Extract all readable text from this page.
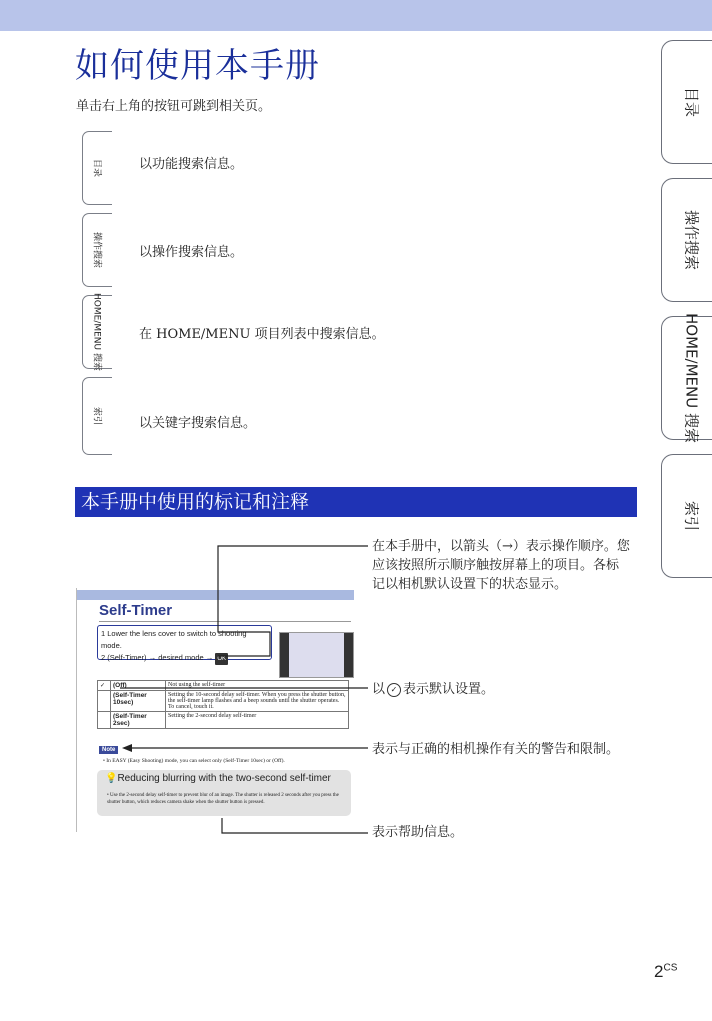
如何使用本手册
单击右上角的按钮可跳到相关页。	目录
操作搜索
HOME/MENU 搜索
索引
目录	以功能搜索信息。
操作搜索	以操作搜索信息。
HOME/MENU 搜索	在 HOME/MENU 项目列表中搜索信息。
索引	以关键字搜索信息。
本手册中使用的标记和注释
Self-Timer
1 Lower the lens cover to switch to shooting mode.
2 (Self-Timer) → desired mode → OK
✓	(Off)	Not using the self-timer
	(Self-Timer 10sec)	Setting the 10-second delay self-timer. When you press the shutter button, the self-timer lamp flashes and a beep sounds until the shutter operates. To cancel, touch it.
	(Self-Timer 2sec)	Setting the 2-second delay self-timer
Note
• In EASY (Easy Shooting) mode, you can select only (Self-Timer 10sec) or (Off).
💡Reducing blurring with the two-second self-timer
• Use the 2-second delay self-timer to prevent blur of an image. The shutter is released 2 seconds after you press the shutter button, which reduces camera shake when the shutter button is pressed.
在本手册中，以箭头（→）表示操作顺序。您应该按照所示顺序触按屏幕上的项目。各标记以相机默认设置下的状态显示。
以 ✓ 表示默认设置。
表示与正确的相机操作有关的警告和限制。
表示帮助信息。
$2^{CS}$
